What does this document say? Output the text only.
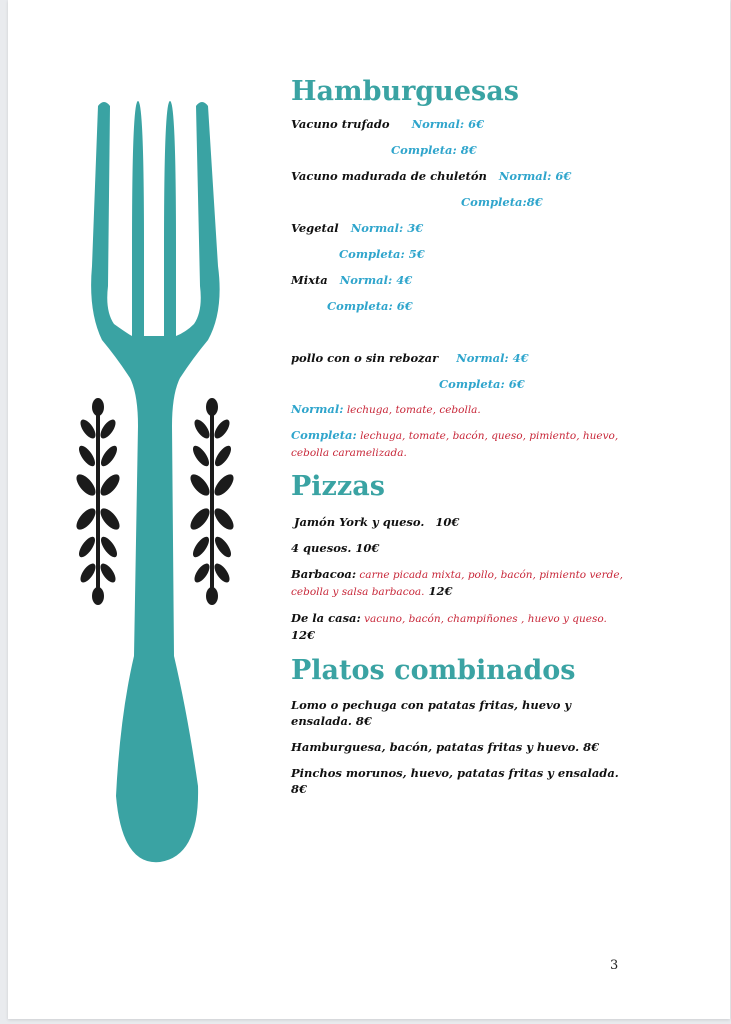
Hamburguesas
Vacuno trufado Normal: 6€
Completa: 8€
Vacuno madurada de chuletón Normal: 6€
Completa:8€
Vegetal Normal: 3€
Completa: 5€
Mixta Normal: 4€
Completa: 6€
pollo con o sin rebozar Normal: 4€
Completa: 6€
Normal: lechuga, tomate, cebolla.
Completa: lechuga, tomate, bacón, queso, pimiento, huevo, cebolla caramelizada.
Pizzas
Jamón York y queso. 10€
4 quesos. 10€
Barbacoa: carne picada mixta, pollo, bacón, pimiento verde, cebolla y salsa barbacoa. 12€
De la casa: vacuno, bacón, champiñones , huevo y queso. 12€
Platos combinados
Lomo o pechuga con patatas fritas, huevo y ensalada. 8€
Hamburguesa, bacón, patatas fritas y huevo. 8€
Pinchos morunos, huevo, patatas fritas y ensalada. 8€
3
